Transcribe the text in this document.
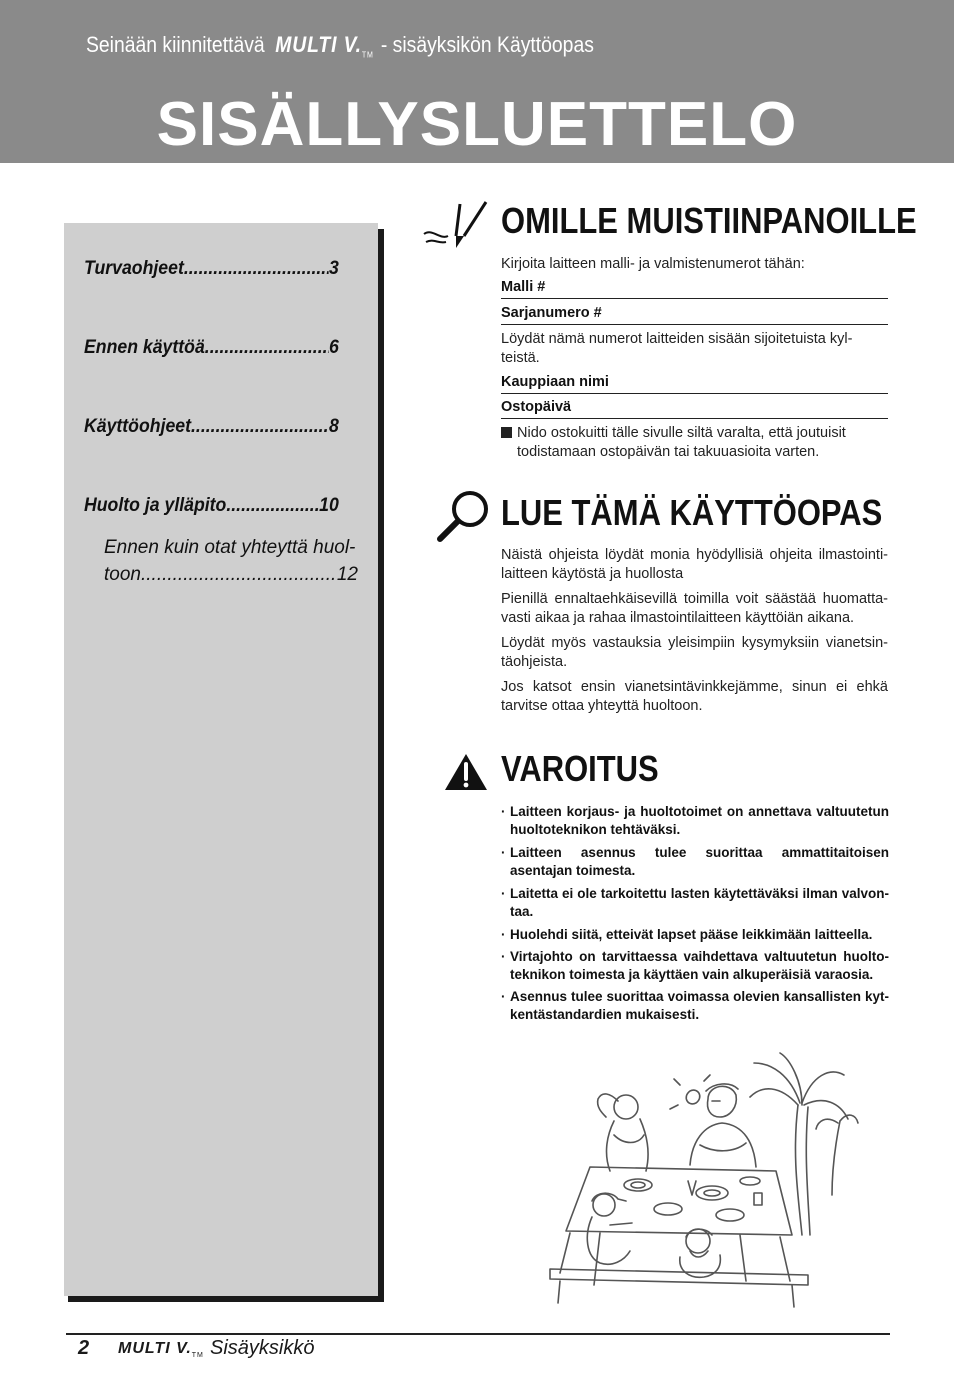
Seinään kiinnitettävä MULTI $V._{TM}$ - sisäyksikön Käyttöopas
SISÄLLYSLUETTELO
Turvaohjeet .....	3
Ennen käyttöä .....	6
Käyttöohjeet .....	8
Huolto ja ylläpito .....	10
Ennen kuin otat yhteyttä huol-
toon .....	12
OMILLE MUISTIINPANOILLE
Kirjoita laitteen malli- ja valmistenumerot tähän:
Malli #
Sarjanumero #
Löydät nämä numerot laitteiden sisään sijoitetuista kyl-teistä.
Kauppiaan nimi
Ostopäivä
Nido ostokuitti tälle sivulle siltä varalta, että joutuisit todistamaan ostopäivän tai takuuasioita varten.
LUE TÄMÄ KÄYTTÖOPAS
Näistä ohjeista löydät monia hyödyllisiä ohjeita ilmastointi-laitteen käytöstä ja huollosta
Pienillä ennaltaehkäisevillä toimilla voit säästää huomatta-vasti aikaa ja rahaa ilmastointilaitteen käyttöiän aikana.
Löydät myös vastauksia yleisimpiin kysymyksiin vianetsin-täohjeista.
Jos katsot ensin vianetsintävinkkejämme, sinun ei ehkä tarvitse ottaa yhteyttä huoltoon.
VAROITUS
· Laitteen korjaus- ja huoltotoimet on annettava valtuutetun huoltoteknikon tehtäväksi.
· Laitteen asennus tulee suorittaa ammattitaitoisen asentajan toimesta.
· Laitetta ei ole tarkoitettu lasten käytettäväksi ilman valvon-taa.
· Huolehdi siitä, etteivät lapset pääse leikkimään laitteella.
· Virtajohto on tarvittaessa vaihdettava valtuutetun huolto-teknikon toimesta ja käyttäen vain alkuperäisiä varaosia.
· Asennus tulee suorittaa voimassa olevien kansallisten kyt-kentästandardien mukaisesti.
2 MULTI $V._{TM}$ Sisäyksikkö
